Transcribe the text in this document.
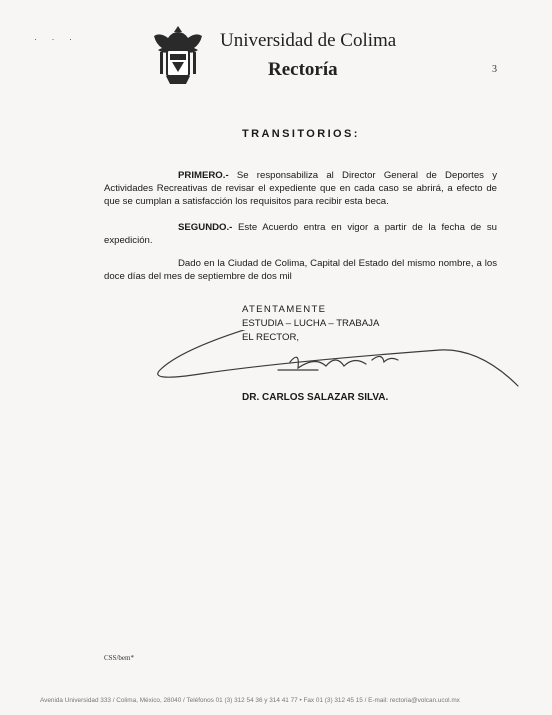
· · ·	Universidad de Colima
Rectoría	3
TRANSITORIOS:
PRIMERO.- Se responsabiliza al Director General de Deportes y Actividades Recreativas de revisar el expediente que en cada caso se abrirá, a efecto de que se cumplan a satisfacción los requisitos para recibir esta beca.
SEGUNDO.- Este Acuerdo entra en vigor a partir de la fecha de su expedición.
Dado en la Ciudad de Colima, Capital del Estado del mismo nombre, a los doce días del mes de septiembre de dos mil
ATENTAMENTE
ESTUDIA – LUCHA – TRABAJA
EL RECTOR,
DR. CARLOS SALAZAR SILVA.
CSS/bem*
Avenida Universidad 333 / Colima, México, 28040 / Teléfonos 01 (3) 312 54 36 y 314 41 77 • Fax 01 (3) 312 45 15 / E-mail: rectoria@volcan.ucol.mx
